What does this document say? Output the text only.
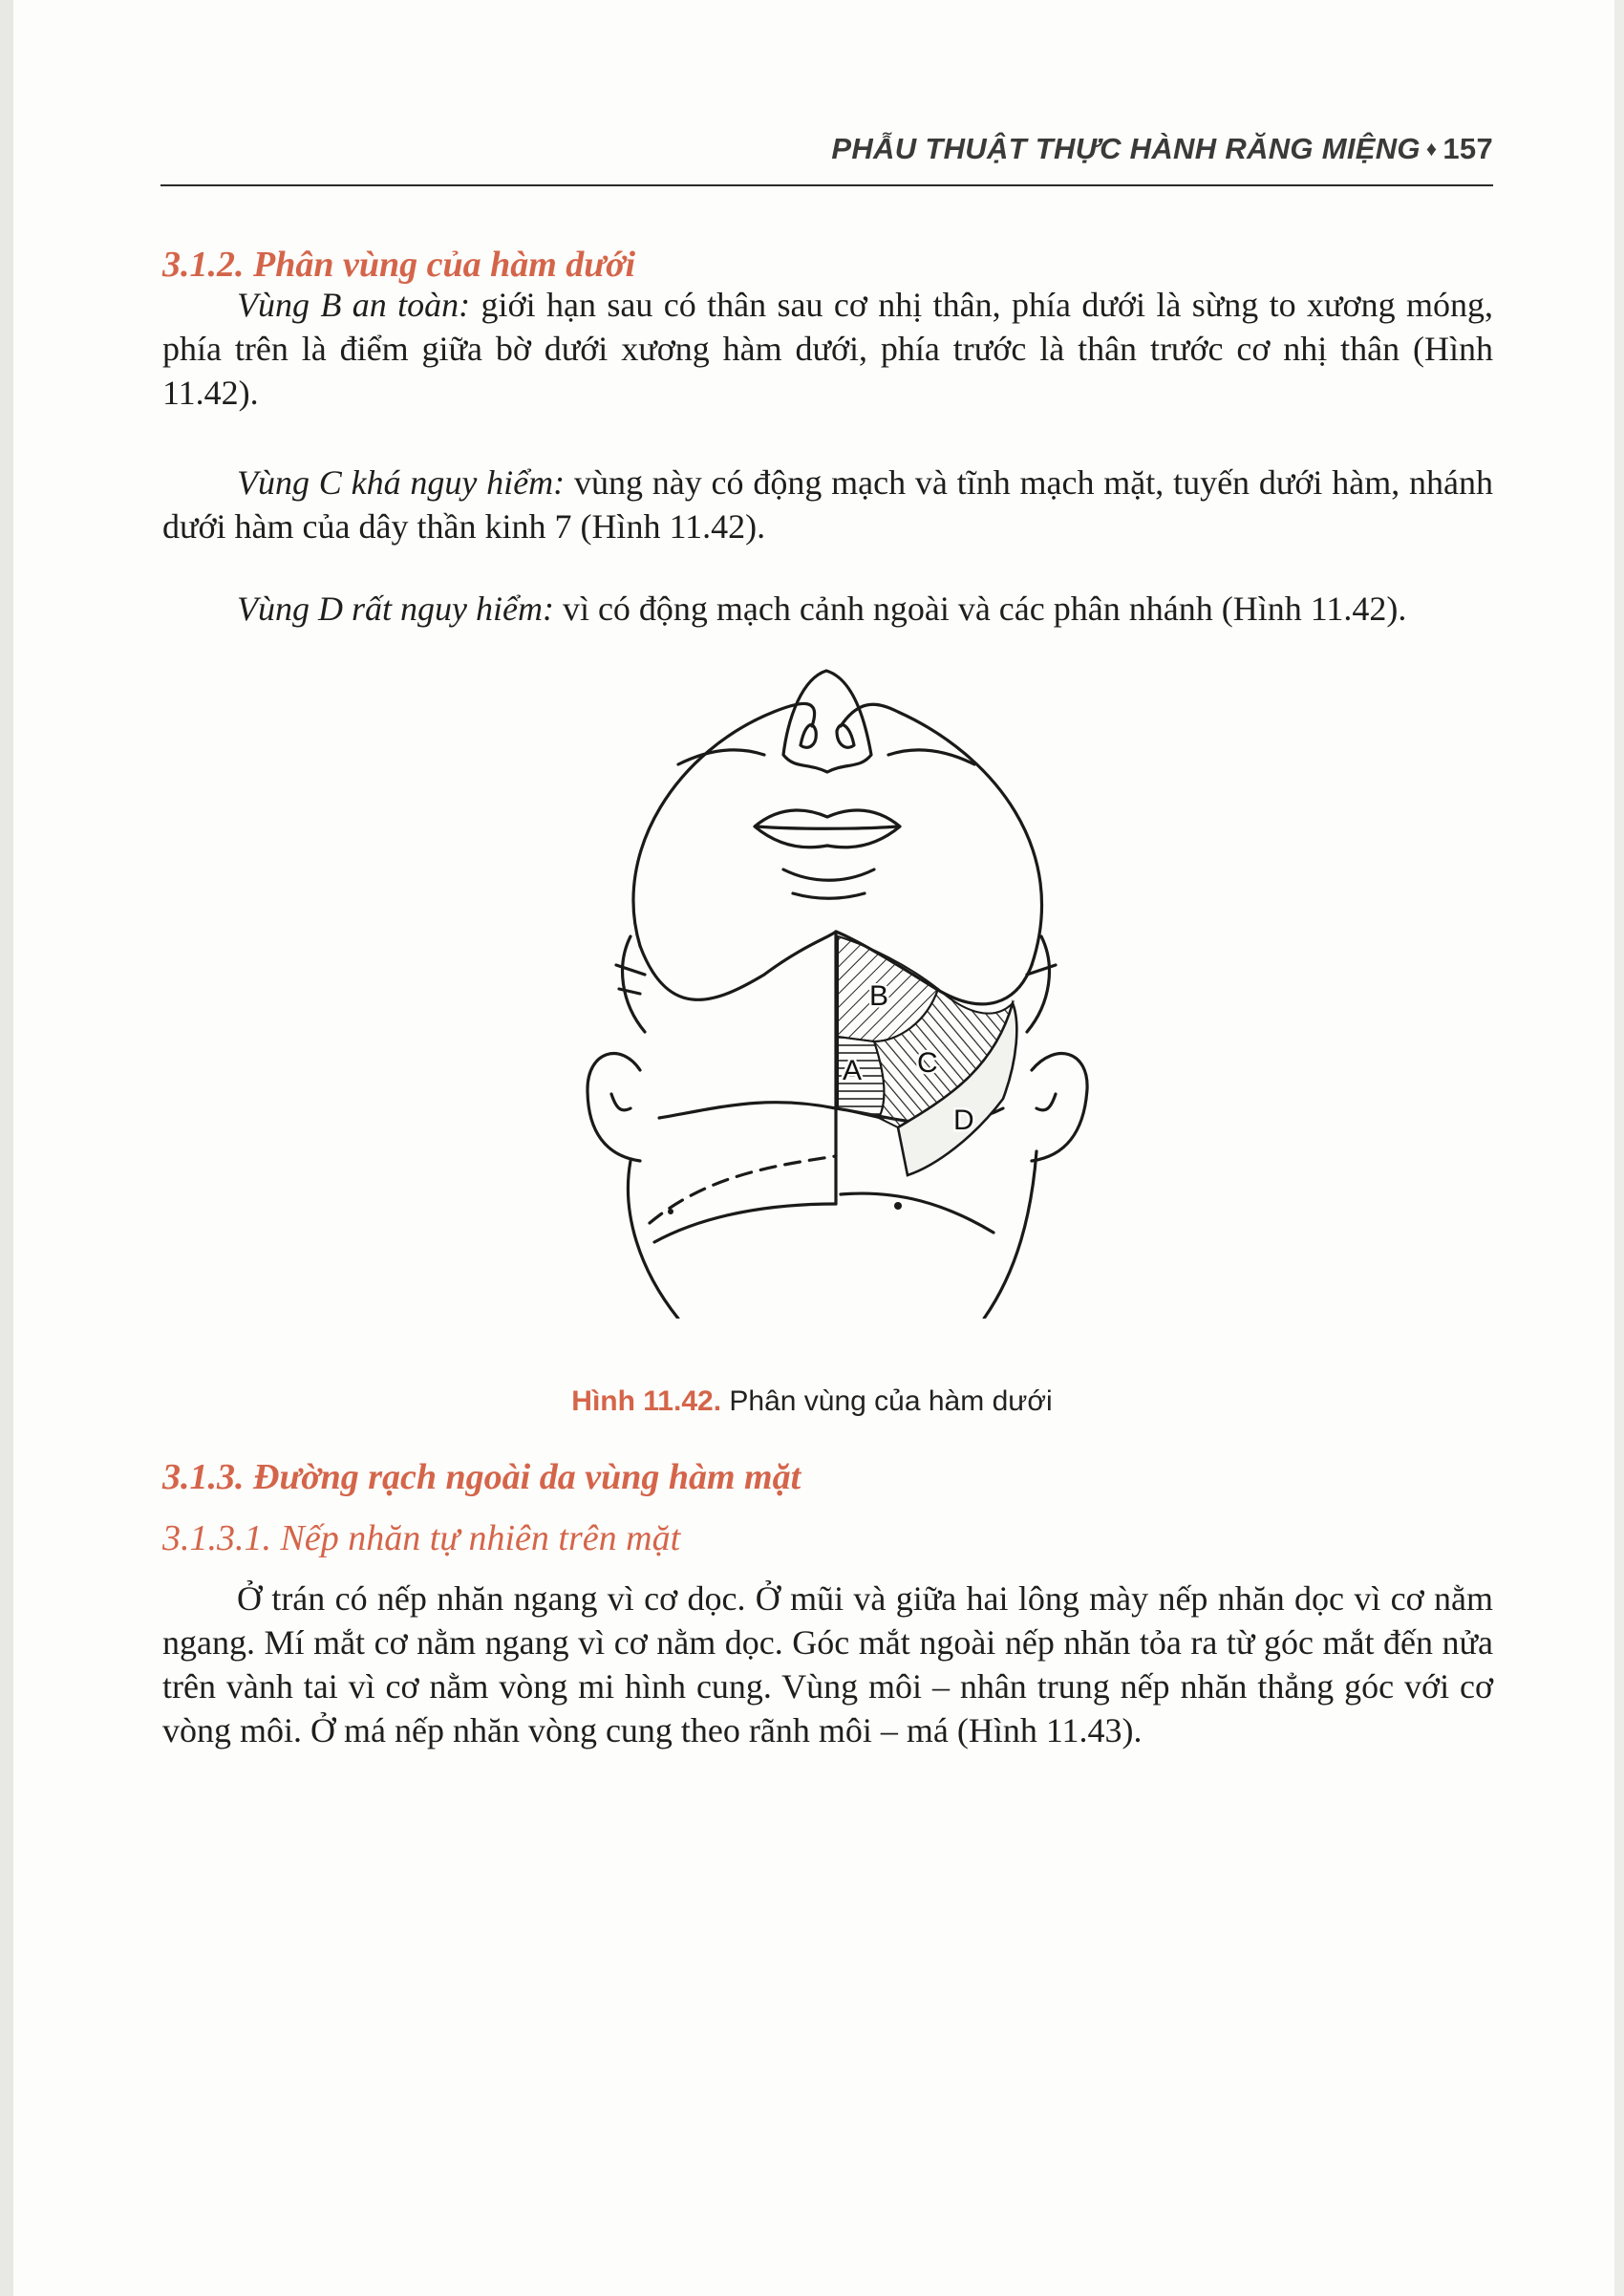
PHẪU THUẬT THỰC HÀNH RĂNG MIỆNG ♦ 157
3.1.2. Phân vùng của hàm dưới

Vùng B an toàn: giới hạn sau có thân sau cơ nhị thân, phía dưới là sừng to xương móng, phía trên là điểm giữa bờ dưới xương hàm dưới, phía trước là thân trước cơ nhị thân (Hình 11.42).

Vùng C khá nguy hiểm: vùng này có động mạch và tĩnh mạch mặt, tuyến dưới hàm, nhánh dưới hàm của dây thần kinh 7 (Hình 11.42).

Vùng D rất nguy hiểm: vì có động mạch cảnh ngoài và các phân nhánh (Hình 11.42).

B
A C
D
Hình 11.42. Phân vùng của hàm dưới
3.1.3. Đường rạch ngoài da vùng hàm mặt
3.1.3.1. Nếp nhăn tự nhiên trên mặt

Ở trán có nếp nhăn ngang vì cơ dọc. Ở mũi và giữa hai lông mày nếp nhăn dọc vì cơ nằm ngang. Mí mắt cơ nằm ngang vì cơ nằm dọc. Góc mắt ngoài nếp nhăn tỏa ra từ góc mắt đến nửa trên vành tai vì cơ nằm vòng mi hình cung. Vùng môi – nhân trung nếp nhăn thẳng góc với cơ vòng môi. Ở má nếp nhăn vòng cung theo rãnh môi – má (Hình 11.43).
